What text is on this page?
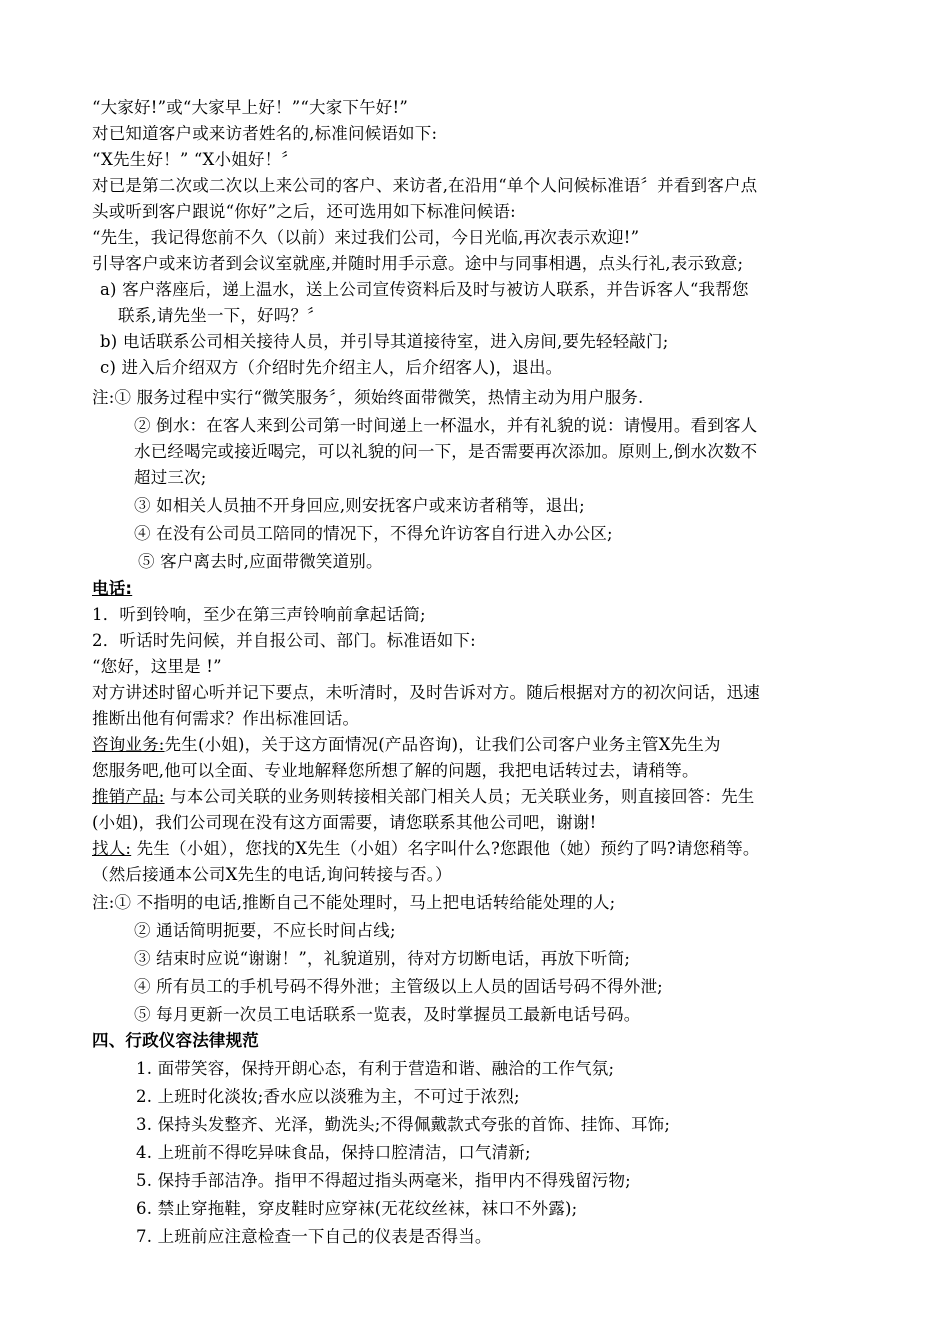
“大家好!”或“大家早上好！”“大家下午好!”
对已知道客户或来访者姓名的,标准问候语如下:
“X先生好！” “X小姐好！〞
对已是第二次或二次以上来公司的客户、来访者,在沿用“单个人问候标准语〞并看到客户点
头或听到客户跟说“你好”之后，还可选用如下标准问候语:
“先生，我记得您前不久（以前）来过我们公司，今日光临,再次表示欢迎!”
引导客户或来访者到会议室就座,并随时用手示意。途中与同事相遇，点头行礼,表示致意;
a) 客户落座后，递上温水，送上公司宣传资料后及时与被访人联系，并告诉客人“我帮您
联系,请先坐一下，好吗？〞
b) 电话联系公司相关接待人员，并引导其道接待室，进入房间,要先轻轻敲门;
c) 进入后介绍双方（介绍时先介绍主人，后介绍客人)，退出。
注:① 服务过程中实行“微笑服务〞，须始终面带微笑，热情主动为用户服务.
② 倒水：在客人来到公司第一时间递上一杯温水，并有礼貌的说：请慢用。看到客人
水已经喝完或接近喝完，可以礼貌的问一下，是否需要再次添加。原则上,倒水次数不
超过三次;
③ 如相关人员抽不开身回应,则安抚客户或来访者稍等，退出;
④ 在没有公司员工陪同的情况下，不得允许访客自行进入办公区;
⑤ 客户离去时,应面带微笑道别。
电话:
1．听到铃响，至少在第三声铃响前拿起话筒;
2．听话时先问候，并自报公司、部门。标准语如下:
“您好，这里是 !”
对方讲述时留心听并记下要点，未听清时，及时告诉对方。随后根据对方的初次问话，迅速
推断出他有何需求？作出标准回话。
咨询业务:先生(小姐)，关于这方面情况(产品咨询)，让我们公司客户业务主管X先生为
您服务吧,他可以全面、专业地解释您所想了解的问题，我把电话转过去，请稍等。
推销产品: 与本公司关联的业务则转接相关部门相关人员；无关联业务，则直接回答：先生
(小姐)，我们公司现在没有这方面需要，请您联系其他公司吧，谢谢!
找人: 先生（小姐），您找的X先生（小姐）名字叫什么?您跟他（她）预约了吗?请您稍等。
（然后接通本公司X先生的电话,询问转接与否。）
注:① 不指明的电话,推断自己不能处理时，马上把电话转给能处理的人;
② 通话简明扼要，不应长时间占线;
③ 结束时应说“谢谢！”，礼貌道别，待对方切断电话，再放下听筒;
④ 所有员工的手机号码不得外泄；主管级以上人员的固话号码不得外泄;
⑤ 每月更新一次员工电话联系一览表，及时掌握员工最新电话号码。
四、行政仪容法律规范
1. 面带笑容，保持开朗心态，有利于营造和谐、融洽的工作气氛;
2. 上班时化淡妆;香水应以淡雅为主，不可过于浓烈;
3. 保持头发整齐、光泽，勤洗头;不得佩戴款式夸张的首饰、挂饰、耳饰;
4. 上班前不得吃异味食品，保持口腔清洁，口气清新;
5. 保持手部洁净。指甲不得超过指头两毫米，指甲内不得残留污物;
6. 禁止穿拖鞋，穿皮鞋时应穿袜(无花纹丝袜，袜口不外露);
7. 上班前应注意检查一下自己的仪表是否得当。
